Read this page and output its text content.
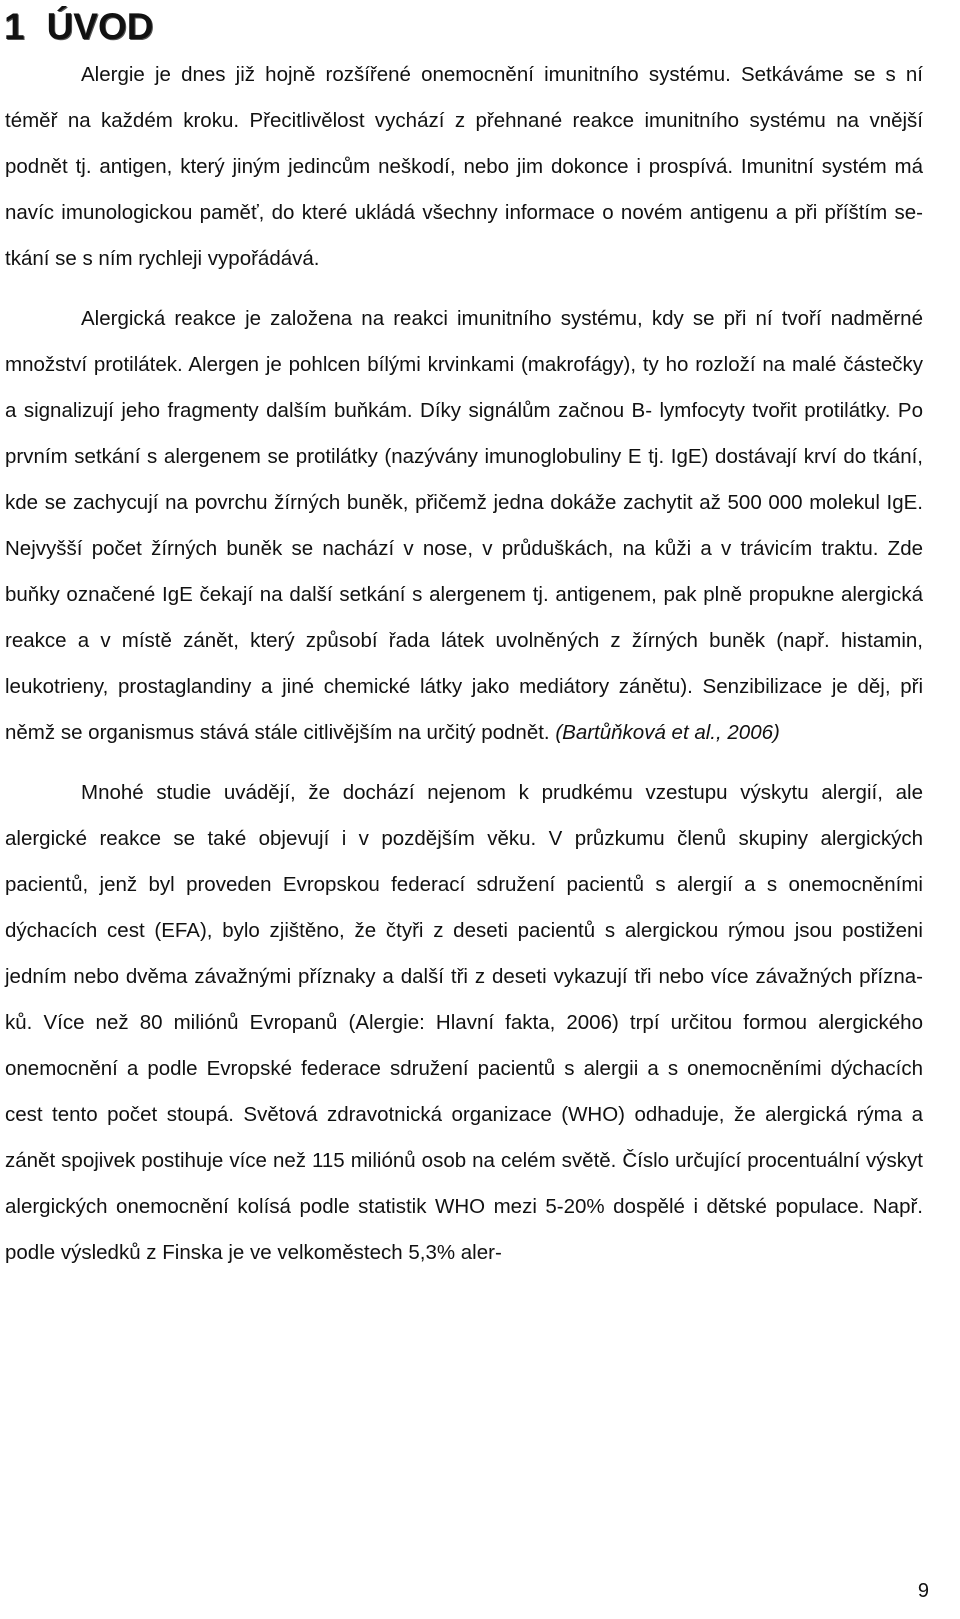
1 ÚVOD

Alergie je dnes již hojně rozšířené onemocnění imunitního systému. Setkáváme se s ní téměř na každém kroku. Přecitlivělost vychází z přehnané reakce imunitního systému na vnější podnět tj. antigen, který jiným jedincům neškodí, nebo jim dokonce i prospívá. Imunitní systém má navíc imunologickou paměť, do které ukládá všechny informace o novém antigenu a při příštím setkání se s ním rychleji vypořádává.

Alergická reakce je založena na reakci imunitního systému, kdy se při ní tvoří nadměrné množství protilátek. Alergen je pohlcen bílými krvinkami (makrofágy), ty ho rozloží na malé částečky a signalizují jeho fragmenty dalším buňkám. Díky signálům začnou B- lymfocyty tvořit protilátky. Po prvním setkání s alergenem se protilátky (nazývány imunoglobuliny E tj. IgE) dostávají krví do tkání, kde se zachycují na povrchu žírných buněk, přičemž jedna dokáže zachytit až 500 000 molekul IgE. Nejvyšší počet žírných buněk se nachází v nose, v průduškách, na kůži a v trávicím traktu. Zde buňky označené IgE čekají na další setkání s alergenem tj. antigenem, pak plně propukne alergická reakce a v místě zánět, který způsobí řada látek uvolněných z žírných buněk (např. histamin, leukotrieny, prostaglandiny a jiné chemické látky jako mediátory zánětu). Senzibilizace je děj, při němž se organismus stává stále citlivějším na určitý podnět. (Bartůňková et al., 2006)

Mnohé studie uvádějí, že dochází nejenom k prudkému vzestupu výskytu alergií, ale alergické reakce se také objevují i v pozdějším věku. V průzkumu členů skupiny alergických pacientů, jenž byl proveden Evropskou federací sdružení pacientů s alergií a s onemocněními dýchacích cest (EFA), bylo zjištěno, že čtyři z deseti pacientů s alergickou rýmou jsou postiženi jedním nebo dvěma závažnými příznaky a další tři z deseti vykazují tři nebo více závažných příznaků. Více než 80 miliónů Evropanů (Alergie: Hlavní fakta, 2006) trpí určitou formou alergického onemocnění a podle Evropské federace sdružení pacientů s alergii a s onemocněními dýchacích cest tento počet stoupá. Světová zdravotnická organizace (WHO) odhaduje, že alergická rýma a zánět spojivek postihuje více než 115 miliónů osob na celém světě. Číslo určující procentuální výskyt alergických onemocnění kolísá podle statistik WHO mezi 5-20% dospělé i dětské populace. Např. podle výsledků z Finska je ve velkoměstech 5,3% aler-

9
